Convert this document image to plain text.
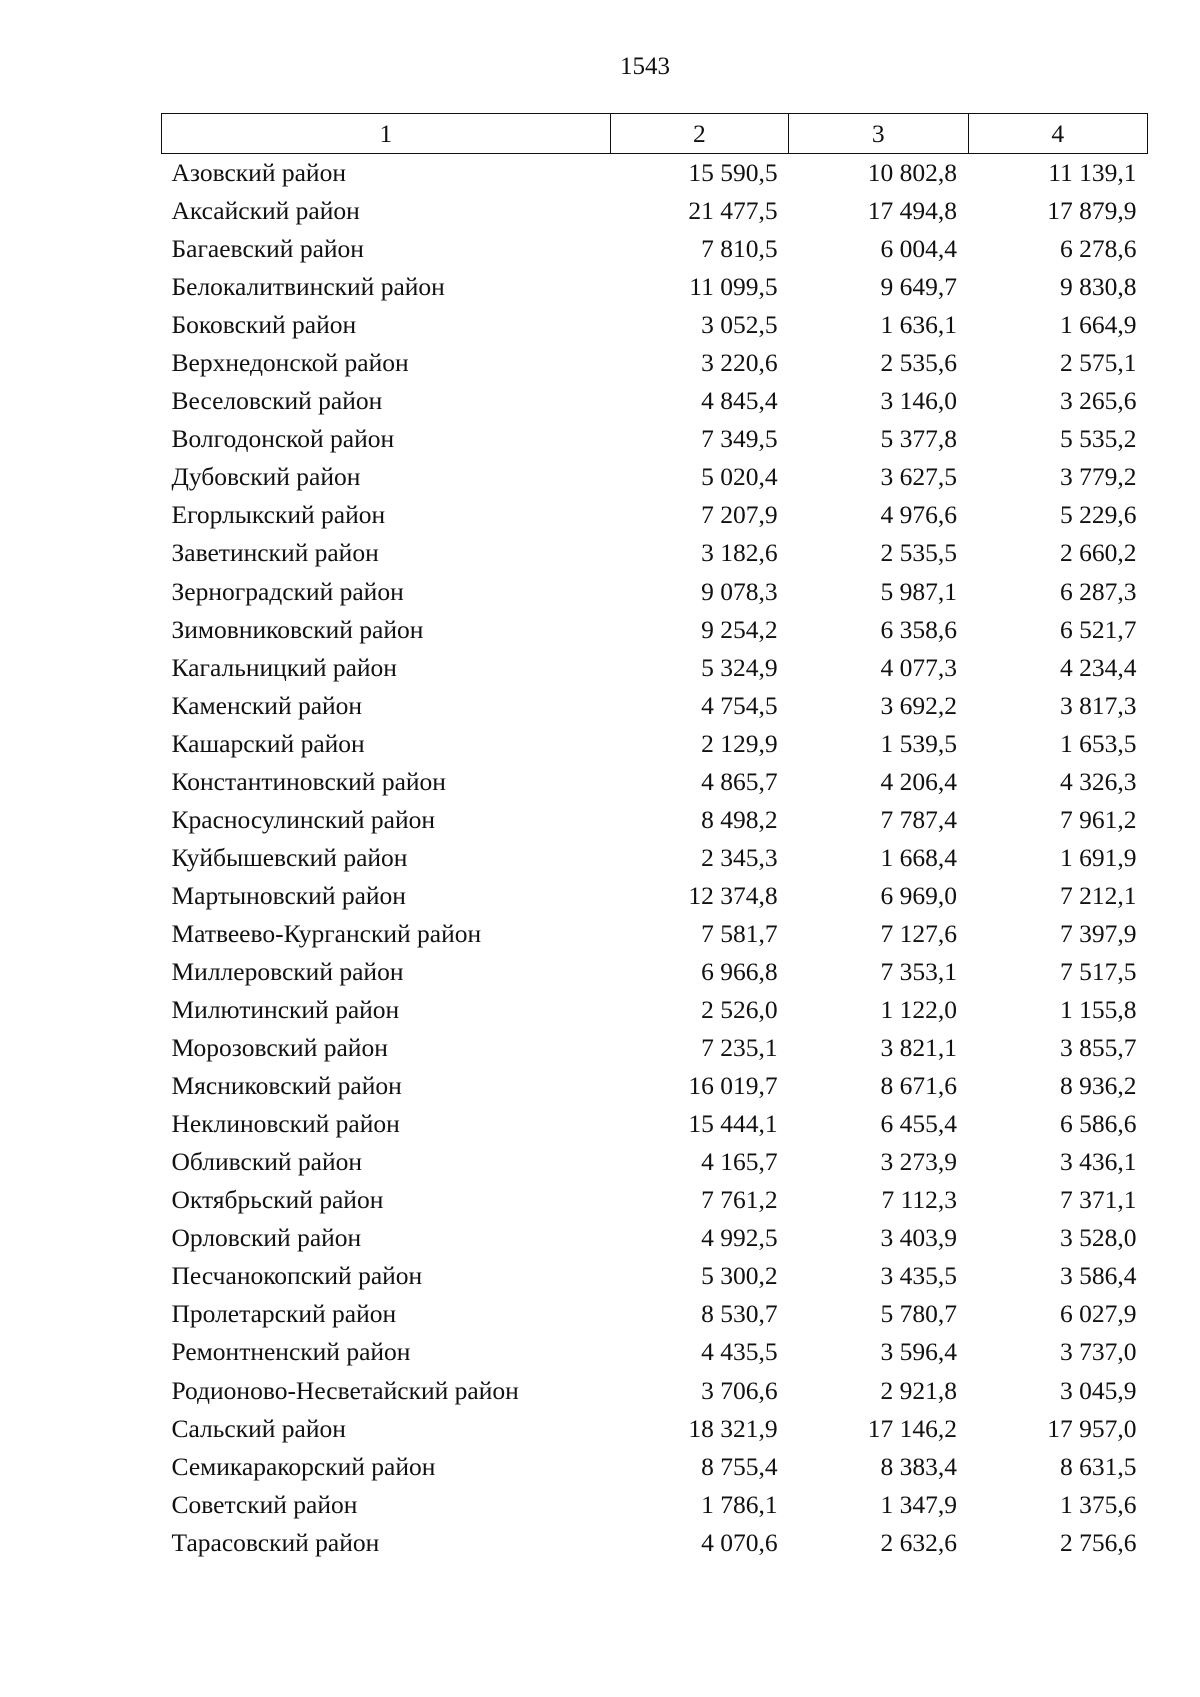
1543
1	2	3	4
Азовский район	15 590,5	10 802,8	11 139,1
Аксайский район	21 477,5	17 494,8	17 879,9
Багаевский район	7 810,5	6 004,4	6 278,6
Белокалитвинский район	11 099,5	9 649,7	9 830,8
Боковский район	3 052,5	1 636,1	1 664,9
Верхнедонской район	3 220,6	2 535,6	2 575,1
Веселовский район	4 845,4	3 146,0	3 265,6
Волгодонской район	7 349,5	5 377,8	5 535,2
Дубовский район	5 020,4	3 627,5	3 779,2
Егорлыкский район	7 207,9	4 976,6	5 229,6
Заветинский район	3 182,6	2 535,5	2 660,2
Зерноградский район	9 078,3	5 987,1	6 287,3
Зимовниковский район	9 254,2	6 358,6	6 521,7
Кагальницкий район	5 324,9	4 077,3	4 234,4
Каменский район	4 754,5	3 692,2	3 817,3
Кашарский район	2 129,9	1 539,5	1 653,5
Константиновский район	4 865,7	4 206,4	4 326,3
Красносулинский район	8 498,2	7 787,4	7 961,2
Куйбышевский район	2 345,3	1 668,4	1 691,9
Мартыновский район	12 374,8	6 969,0	7 212,1
Матвеево-Курганский район	7 581,7	7 127,6	7 397,9
Миллеровский район	6 966,8	7 353,1	7 517,5
Милютинский район	2 526,0	1 122,0	1 155,8
Морозовский район	7 235,1	3 821,1	3 855,7
Мясниковский район	16 019,7	8 671,6	8 936,2
Неклиновский район	15 444,1	6 455,4	6 586,6
Обливский район	4 165,7	3 273,9	3 436,1
Октябрьский район	7 761,2	7 112,3	7 371,1
Орловский район	4 992,5	3 403,9	3 528,0
Песчанокопский район	5 300,2	3 435,5	3 586,4
Пролетарский район	8 530,7	5 780,7	6 027,9
Ремонтненский район	4 435,5	3 596,4	3 737,0
Родионово-Несветайский район	3 706,6	2 921,8	3 045,9
Сальский район	18 321,9	17 146,2	17 957,0
Семикаракорский район	8 755,4	8 383,4	8 631,5
Советский район	1 786,1	1 347,9	1 375,6
Тарасовский район	4 070,6	2 632,6	2 756,6
